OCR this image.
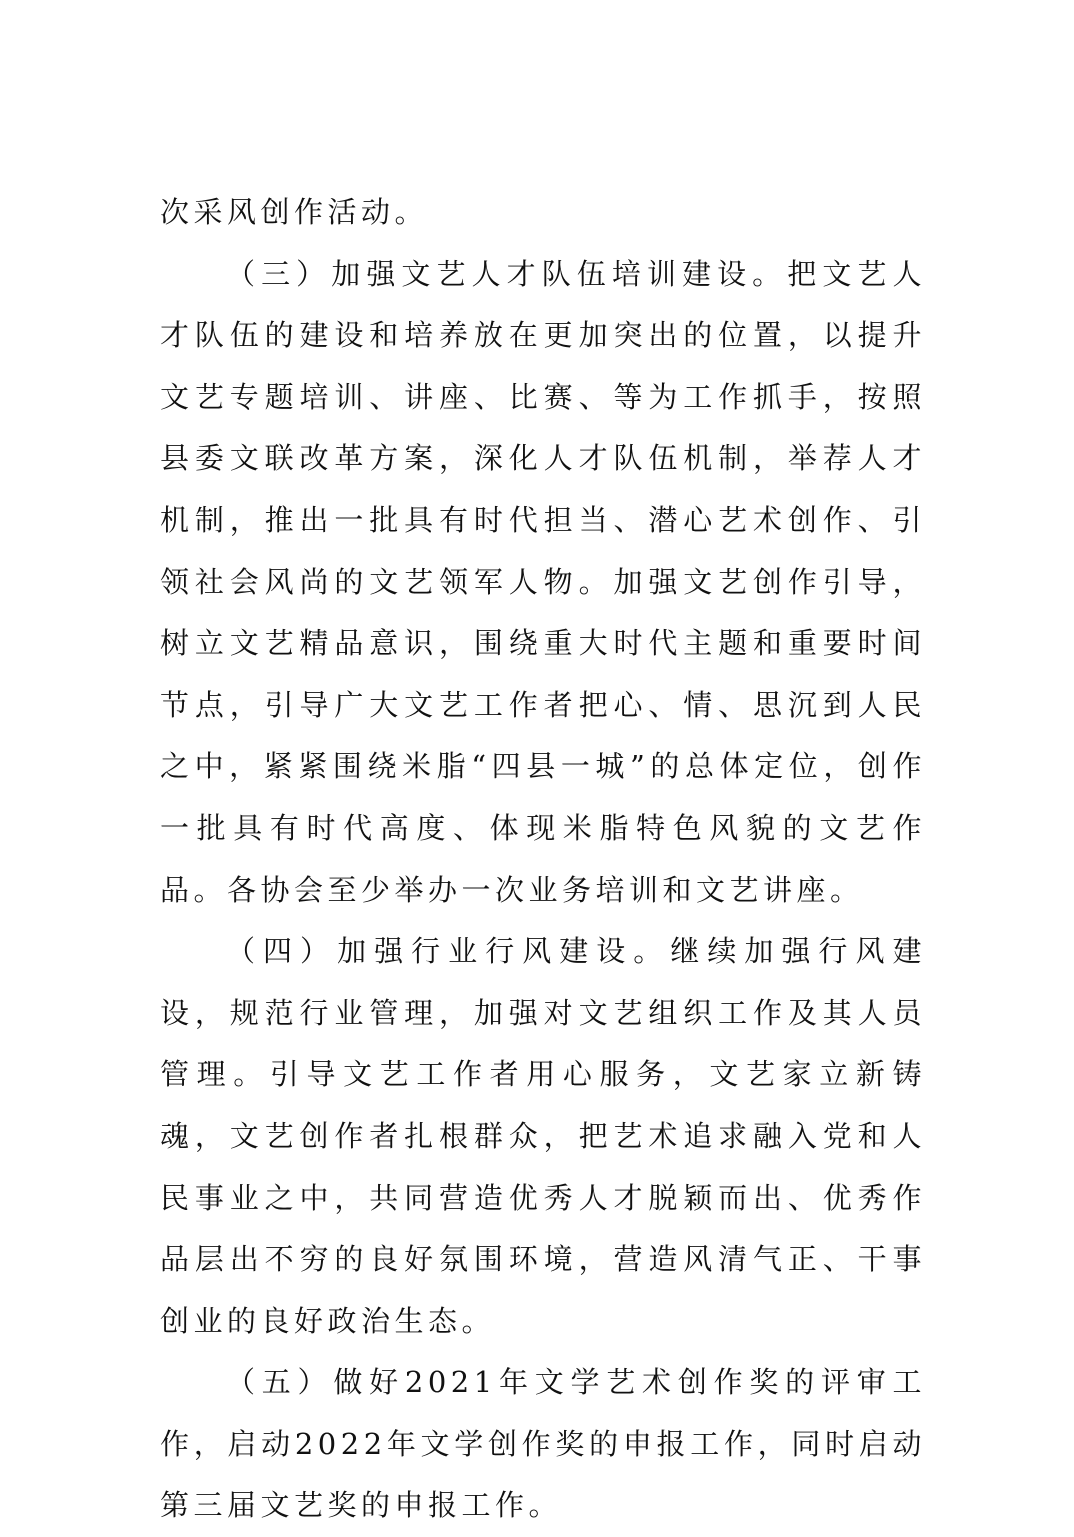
次采风创作活动。

（三）加强文艺人才队伍培训建设。把文艺人才队伍的建设和培养放在更加突出的位置，以提升文艺专题培训、讲座、比赛、等为工作抓手，按照县委文联改革方案，深化人才队伍机制，举荐人才机制，推出一批具有时代担当、潜心艺术创作、引领社会风尚的文艺领军人物。加强文艺创作引导，树立文艺精品意识，围绕重大时代主题和重要时间节点，引导广大文艺工作者把心、情、思沉到人民之中，紧紧围绕米脂“四县一城”的总体定位，创作一批具有时代高度、体现米脂特色风貌的文艺作品。各协会至少举办一次业务培训和文艺讲座。

（四）加强行业行风建设。继续加强行风建设，规范行业管理，加强对文艺组织工作及其人员管理。引导文艺工作者用心服务，文艺家立新铸魂，文艺创作者扎根群众，把艺术追求融入党和人民事业之中，共同营造优秀人才脱颖而出、优秀作品层出不穷的良好氛围环境，营造风清气正、干事创业的良好政治生态。

（五）做好2021年文学艺术创作奖的评审工作，启动2022年文学创作奖的申报工作，同时启动第三届文艺奖的申报工作。
